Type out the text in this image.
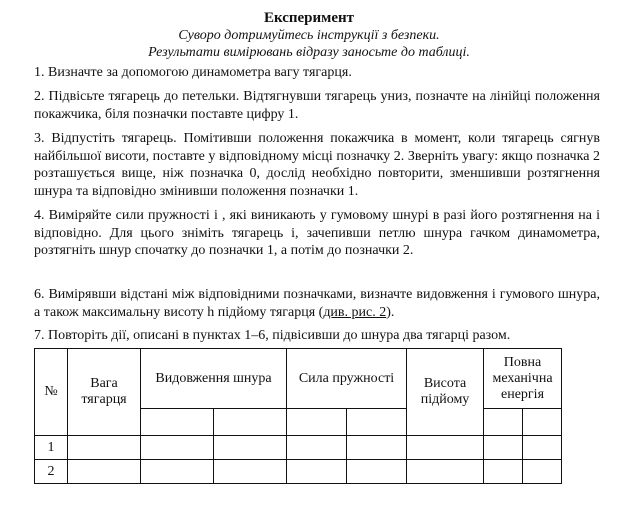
Експеримент
Суворо дотримуйтесь інструкції з безпеки.
Результати вимірювань відразу заносьте до таблиці.
1. Визначте за допомогою динамометра вагу тягарця.
2. Підвісьте тягарець до петельки. Відтягнувши тягарець униз, позначте на лінійці положення покажчика, біля позначки поставте цифру 1.
3. Відпустіть тягарець. Помітивши положення покажчика в момент, коли тягарець сягнув найбільшої висоти, поставте у відповідному місці позначку 2. Зверніть увагу: якщо позначка 2 розташується вище, ніж позначка 0, дослід необхідно повторити, зменшивши розтягнення шнура та відповідно змінивши положення позначки 1.
4. Виміряйте сили пружності і , які виникають у гумовому шнурі в разі його розтягнення на і відповідно. Для цього зніміть тягарець і, зачепивши петлю шнура гачком динамометра, розтягніть шнур спочатку до позначки 1, а потім до позначки 2.
6. Вимірявши відстані між відповідними позначками, визначте видовження і гумового шнура, а також максимальну висоту h підйому тягарця (див. рис. 2).
7. Повторіть дії, описані в пунктах 1–6, підвісивши до шнура два тягарці разом.
№	Вага тягарця	Видовження шнура		Сила пружності		Висота підйому	Повна механічна енергія	

1								
2								
